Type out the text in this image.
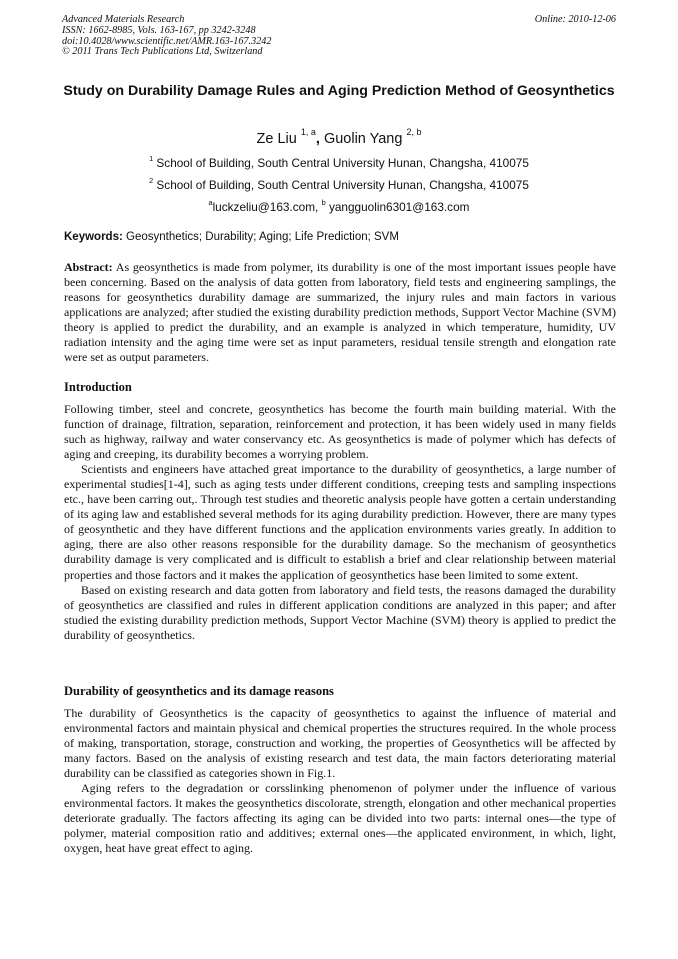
Advanced Materials Research
ISSN: 1662-8985, Vols. 163-167, pp 3242-3248
doi:10.4028/www.scientific.net/AMR.163-167.3242
© 2011 Trans Tech Publications Ltd, Switzerland
Online: 2010-12-06
Study on Durability Damage Rules and Aging Prediction Method of Geosynthetics
Ze Liu $^{1, a}$, Guolin Yang $^{2, b}$
$^1$ School of Building, South Central University Hunan, Changsha, 410075
$^2$ School of Building, South Central University Hunan, Changsha, 410075
$^a$luckzeliu@163.com, $^b$ yangguolin6301@163.com
Keywords: Geosynthetics; Durability; Aging; Life Prediction; SVM

Abstract: As geosynthetics is made from polymer, its durability is one of the most important issues people have been concerning. Based on the analysis of data gotten from laboratory, field tests and engineering samplings, the reasons for geosynthetics durability damage are summarized, the injury rules and main factors in various applications are analyzed; after studied the existing durability prediction methods, Support Vector Machine (SVM) theory is applied to predict the durability, and an example is analyzed in which temperature, humidity, UV radiation intensity and the aging time were set as input parameters, residual tensile strength and elongation rate were set as output parameters.

Introduction

Following timber, steel and concrete, geosynthetics has become the fourth main building material. With the function of drainage, filtration, separation, reinforcement and protection, it has been widely used in many fields such as highway, railway and water conservancy etc. As geosynthetics is made of polymer which has defects of aging and creeping, its durability becomes a worrying problem.

Scientists and engineers have attached great importance to the durability of geosynthetics, a large number of experimental studies[1-4], such as aging tests under different conditions, creeping tests and sampling inspections etc., have been carring out,. Through test studies and theoretic analysis people have gotten a certain understanding of its aging law and established several methods for its aging durability prediction. However, there are many types of geosynthetic and they have different functions and the application environments varies greatly. In addition to aging, there are also other reasons responsible for the durability damage. So the mechanism of geosynthetics durability damage is very complicated and is difficult to establish a brief and clear relationship between material properties and those factors and it makes the application of geosynthetics hase been limited to some extent.

Based on existing research and data gotten from laboratory and field tests, the reasons damaged the durability of geosynthetics are classified and rules in different application conditions are analyzed in this paper; and after studied the existing durability prediction methods, Support Vector Machine (SVM) theory is applied to predict the durability of geosynthetics.

Durability of geosynthetics and its damage reasons

The durability of Geosynthetics is the capacity of geosynthetics to against the influence of material and environmental factors and maintain physical and chemical properties the structures required. In the whole process of making, transportation, storage, construction and working, the properties of Geosynthetics will be affected by many factors. Based on the analysis of existing research and test data, the main factors deteriorating material durability can be classified as categories shown in Fig.1.

Aging refers to the degradation or corsslinking phenomenon of polymer under the influence of various environmental factors. It makes the geosynthetics discolorate, strength, elongation and other mechanical properties deteriorate gradually. The factors affecting its aging can be divided into two parts: internal ones—the type of polymer, material composition ratio and additives; external ones—the applicated environment, in which, light, oxygen, heat have great effect to aging.
